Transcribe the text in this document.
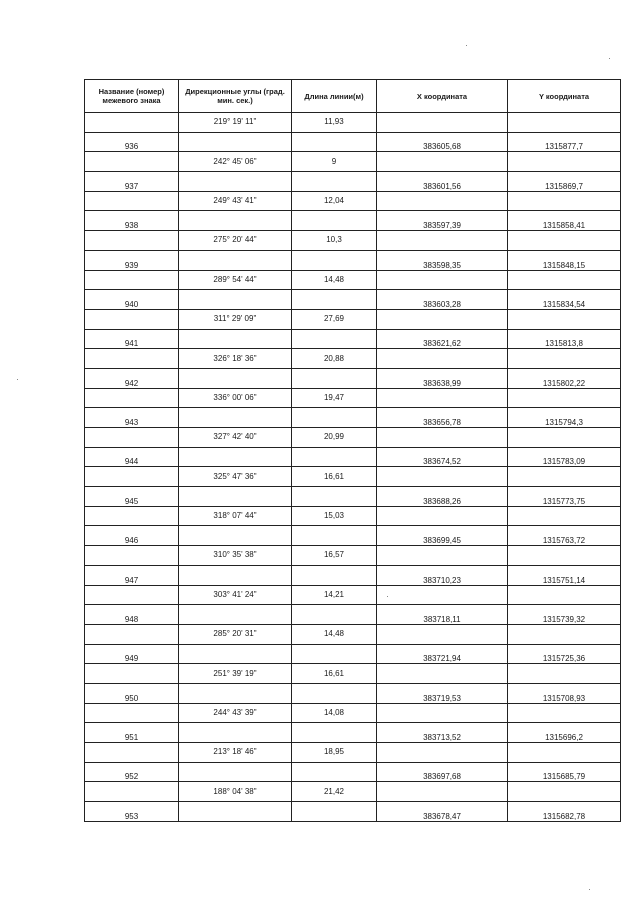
Название (номер) межевого знака	Дирекционные углы (град. мин. сек.)	Длина линии(м)	X координата	Y координата
	219° 19' 11"	11,93		
936			383605,68	1315877,7
	242° 45' 06"	9		
937			383601,56	1315869,7
	249° 43' 41"	12,04		
938			383597,39	1315858,41
	275° 20' 44"	10,3		
939			383598,35	1315848,15
	289° 54' 44"	14,48		
940			383603,28	1315834,54
	311° 29' 09"	27,69		
941			383621,62	1315813,8
	326° 18' 36"	20,88		
942			383638,99	1315802,22
	336° 00' 06"	19,47		
943			383656,78	1315794,3
	327° 42' 40"	20,99		
944			383674,52	1315783,09
	325° 47' 36"	16,61		
945			383688,26	1315773,75
	318° 07' 44"	15,03		
946			383699,45	1315763,72
	310° 35' 38"	16,57		
947			383710,23	1315751,14
	303° 41' 24"	14,21		
948			383718,11	1315739,32
	285° 20' 31"	14,48		
949			383721,94	1315725,36
	251° 39' 19"	16,61		
950			383719,53	1315708,93
	244° 43' 39"	14,08		
951			383713,52	1315696,2
	213° 18' 46"	18,95		
952			383697,68	1315685,79
	188° 04' 38"	21,42		
953			383678,47	1315682,78
